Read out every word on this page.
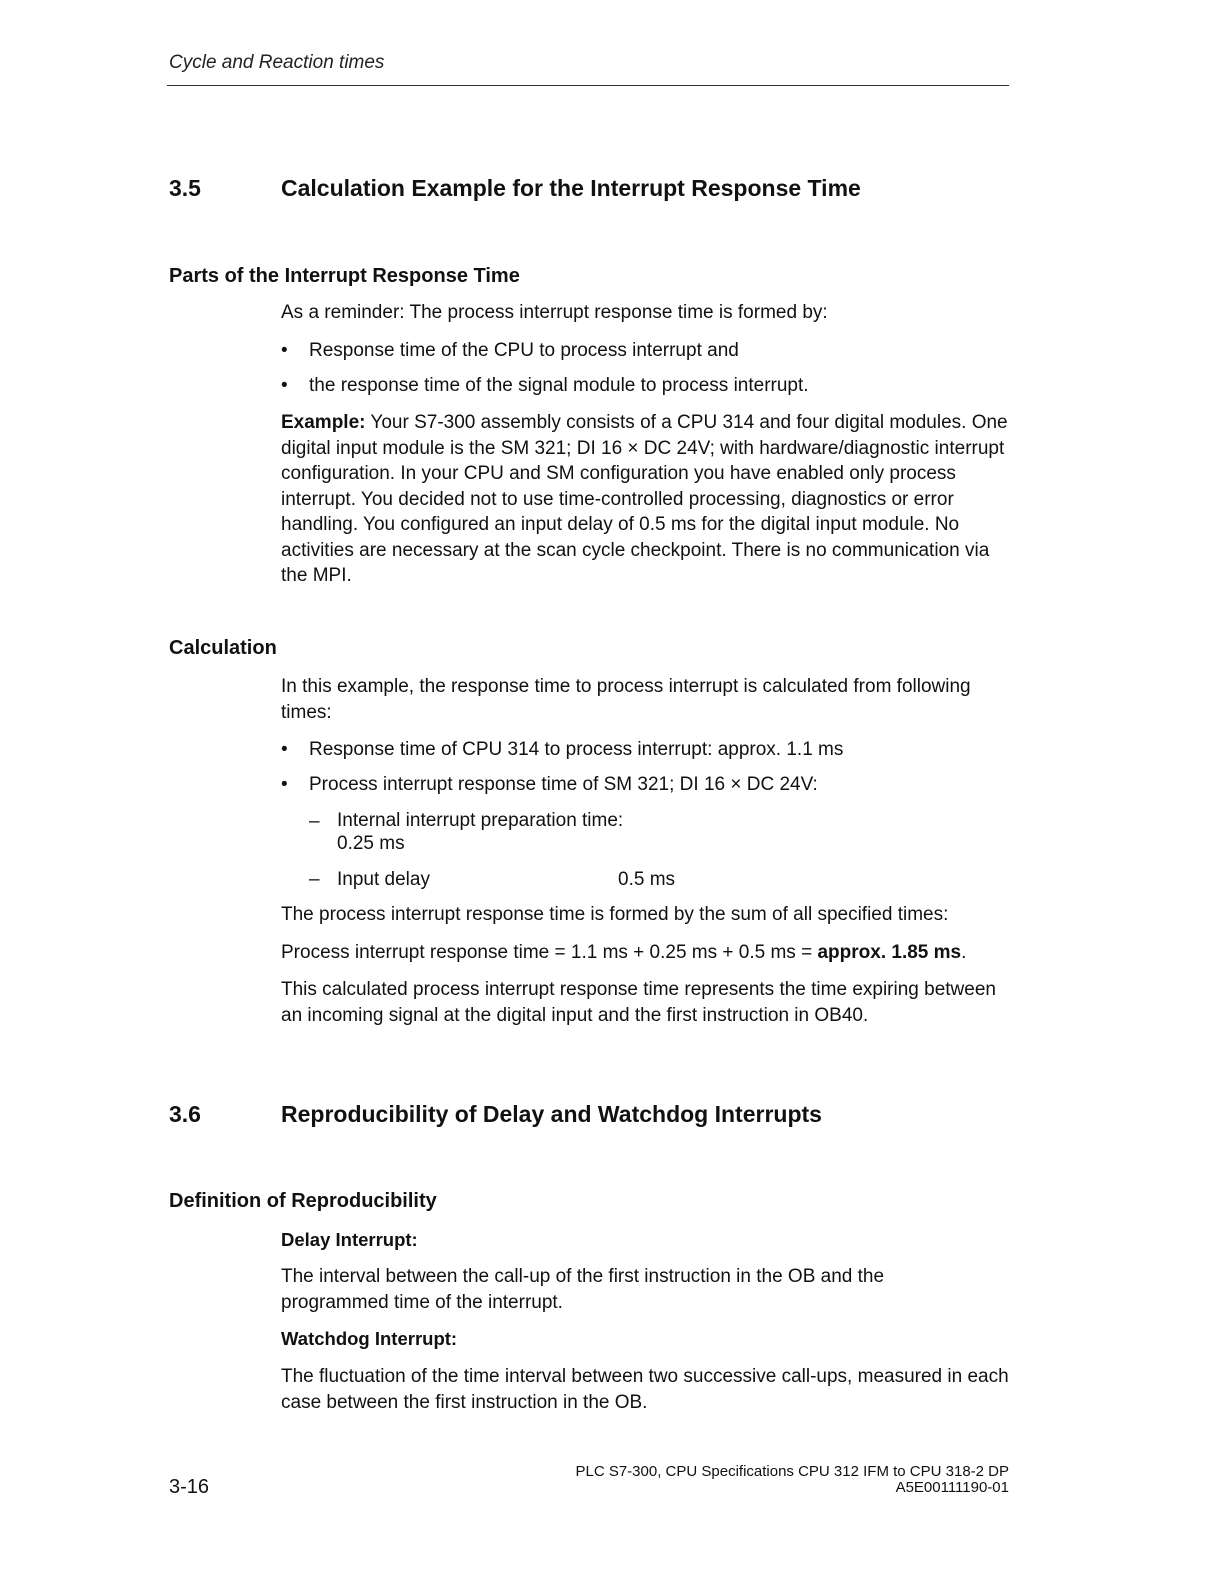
Cycle and Reaction times
3.5	Calculation Example for the Interrupt Response Time
Parts of the Interrupt Response Time
As a reminder: The process interrupt response time is formed by:
• Response time of the CPU to process interrupt and
• the response time of the signal module to process interrupt.
Example: Your S7-300 assembly consists of a CPU 314 and four digital modules. One digital input module is the SM 321; DI 16 × DC 24V; with hardware/diagnostic interrupt configuration. In your CPU and SM configuration you have enabled only process interrupt. You decided not to use time-controlled processing, diagnostics or error handling. You configured an input delay of 0.5 ms for the digital input module. No activities are necessary at the scan cycle checkpoint. There is no communication via the MPI.
Calculation
In this example, the response time to process interrupt is calculated from following times:
• Response time of CPU 314 to process interrupt: approx. 1.1 ms
• Process interrupt response time of SM 321; DI 16 × DC 24V:
– Internal interrupt preparation time:
0.25 ms
– Input delay	0.5 ms
The process interrupt response time is formed by the sum of all specified times:
Process interrupt response time = 1.1 ms + 0.25 ms + 0.5 ms = approx. 1.85 ms.
This calculated process interrupt response time represents the time expiring between an incoming signal at the digital input and the first instruction in OB40.
3.6	Reproducibility of Delay and Watchdog Interrupts
Definition of Reproducibility
Delay Interrupt:
The interval between the call-up of the first instruction in the OB and the programmed time of the interrupt.
Watchdog Interrupt:
The fluctuation of the time interval between two successive call-ups, measured in each case between the first instruction in the OB.
3-16
PLC S7-300, CPU Specifications CPU 312 IFM to CPU 318-2 DP
A5E00111190-01
